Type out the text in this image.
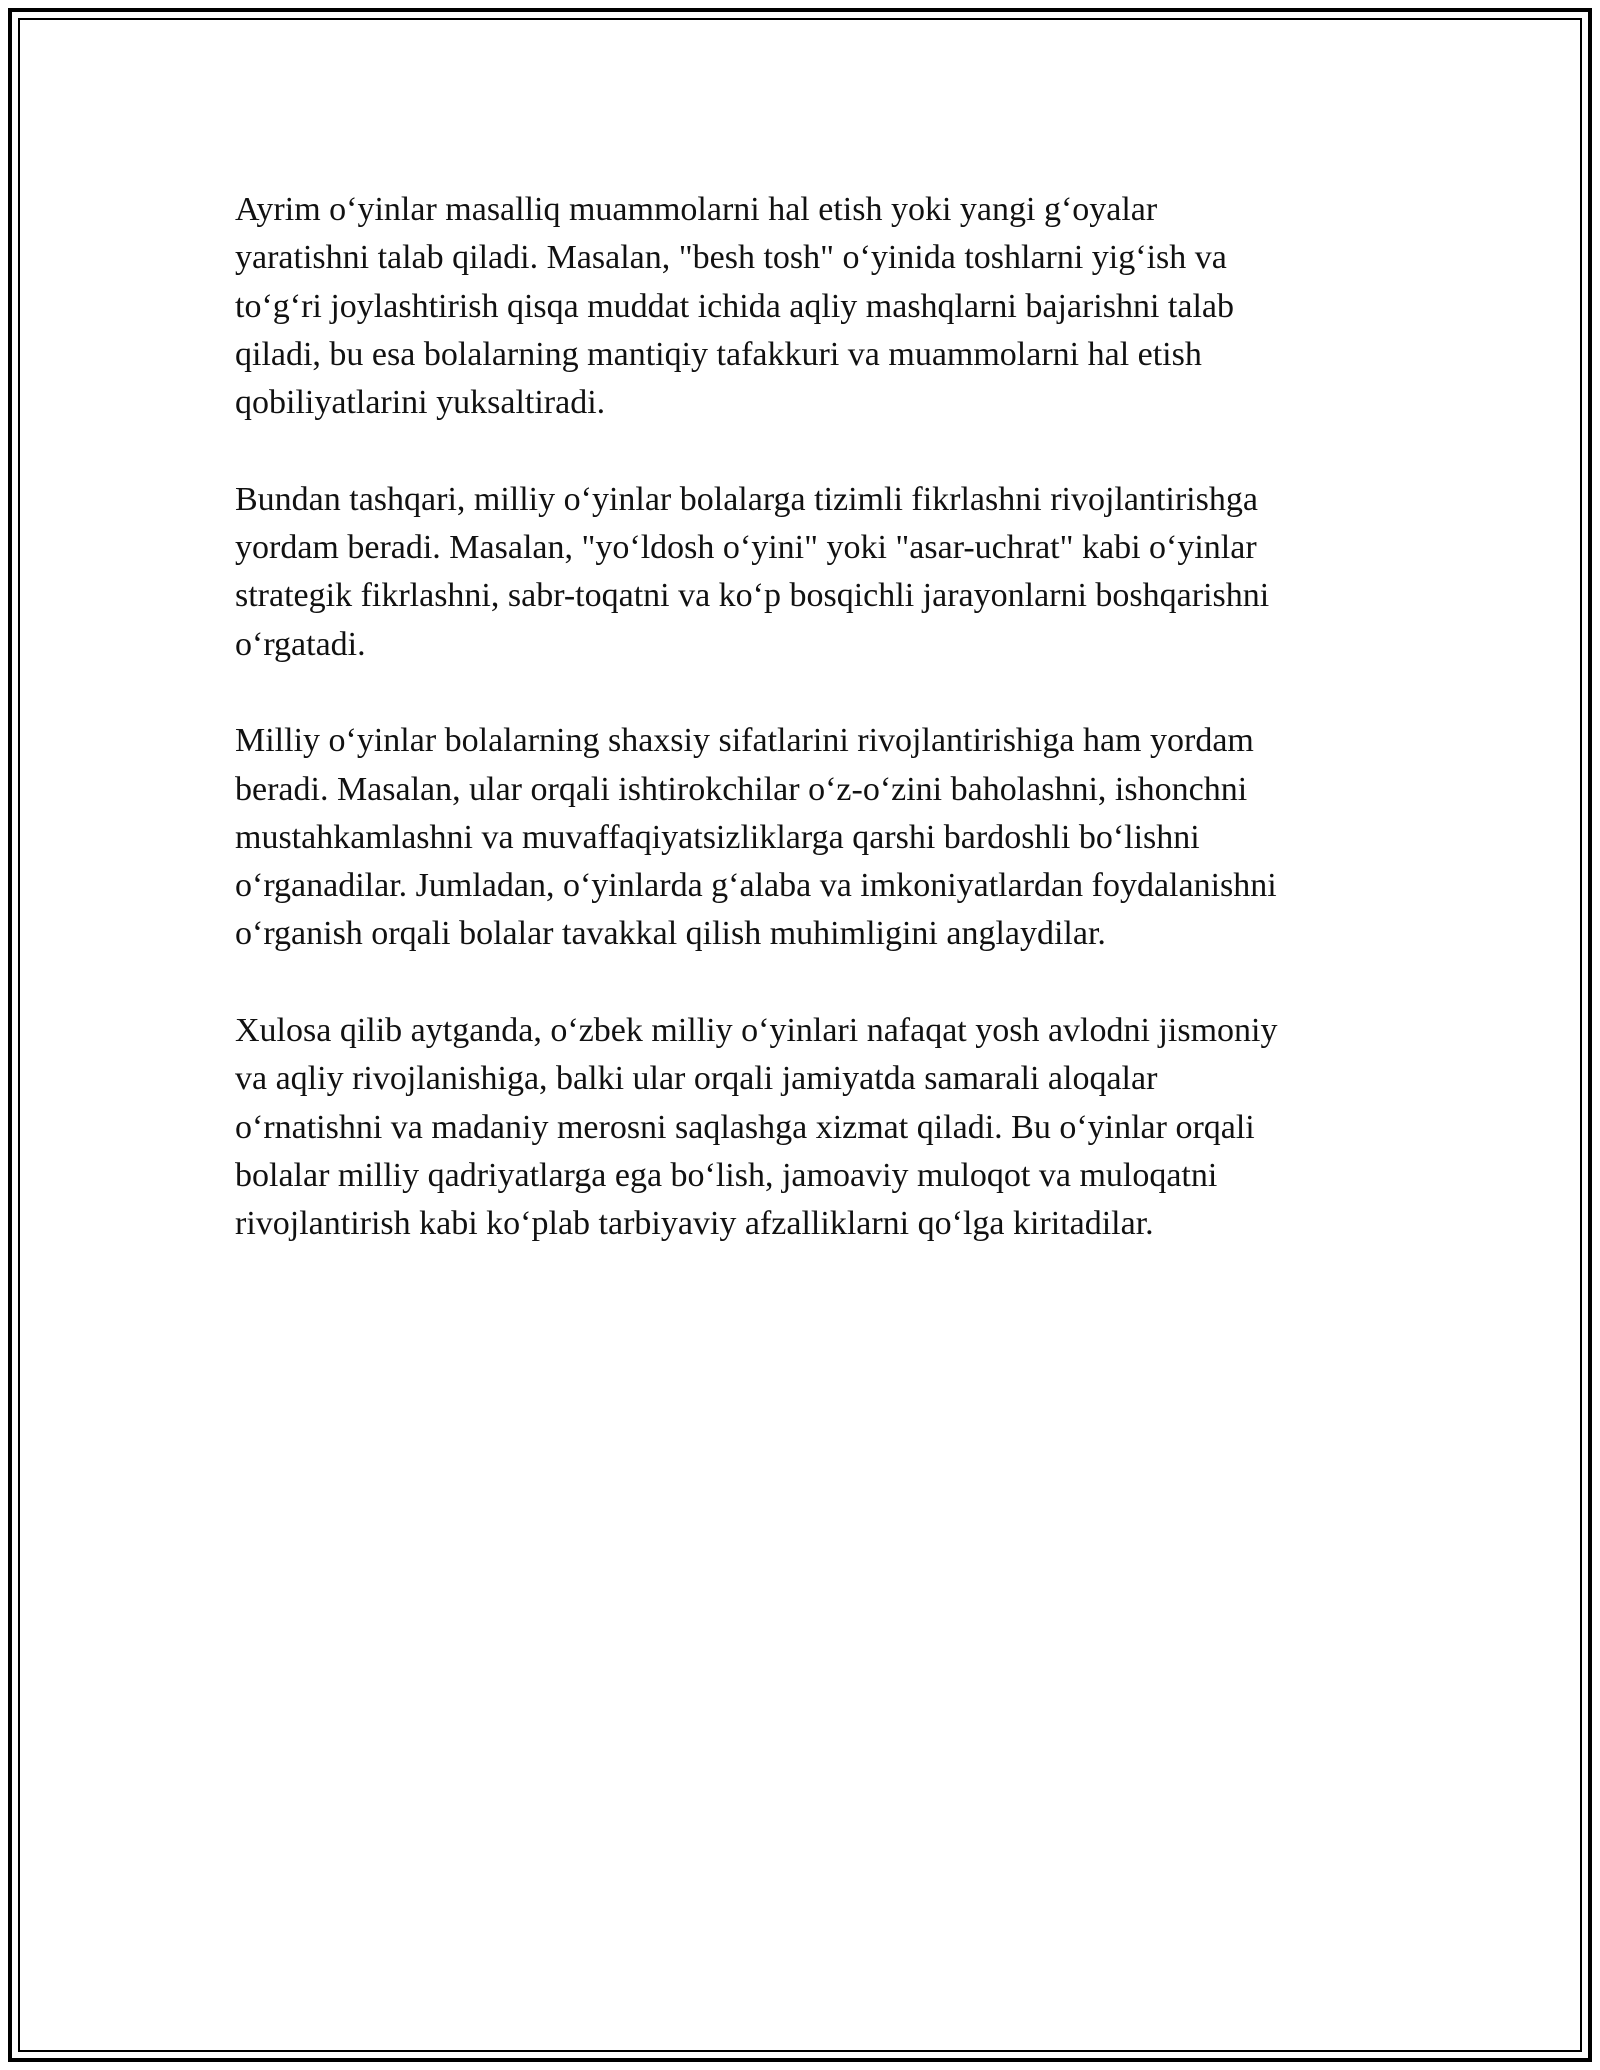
Ayrim o‘yinlar masalliq muammolarni hal etish yoki yangi g‘oyalar
yaratishni talab qiladi. Masalan, "besh tosh" o‘yinida toshlarni yig‘ish va
to‘g‘ri joylashtirish qisqa muddat ichida aqliy mashqlarni bajarishni talab
qiladi, bu esa bolalarning mantiqiy tafakkuri va muammolarni hal etish
qobiliyatlarini yuksaltiradi.

Bundan tashqari, milliy o‘yinlar bolalarga tizimli fikrlashni rivojlantirishga
yordam beradi. Masalan, "yo‘ldosh o‘yini" yoki "asar-uchrat" kabi o‘yinlar
strategik fikrlashni, sabr-toqatni va ko‘p bosqichli jarayonlarni boshqarishni
o‘rgatadi.

Milliy o‘yinlar bolalarning shaxsiy sifatlarini rivojlantirishiga ham yordam
beradi. Masalan, ular orqali ishtirokchilar o‘z-o‘zini baholashni, ishonchni
mustahkamlashni va muvaffaqiyatsizliklarga qarshi bardoshli bo‘lishni
o‘rganadilar. Jumladan, o‘yinlarda g‘alaba va imkoniyatlardan foydalanishni
o‘rganish orqali bolalar tavakkal qilish muhimligini anglaydilar.

Xulosa qilib aytganda, o‘zbek milliy o‘yinlari nafaqat yosh avlodni jismoniy
va aqliy rivojlanishiga, balki ular orqali jamiyatda samarali aloqalar
o‘rnatishni va madaniy merosni saqlashga xizmat qiladi. Bu o‘yinlar orqali
bolalar milliy qadriyatlarga ega bo‘lish, jamoaviy muloqot va muloqatni
rivojlantirish kabi ko‘plab tarbiyaviy afzalliklarni qo‘lga kiritadilar.
